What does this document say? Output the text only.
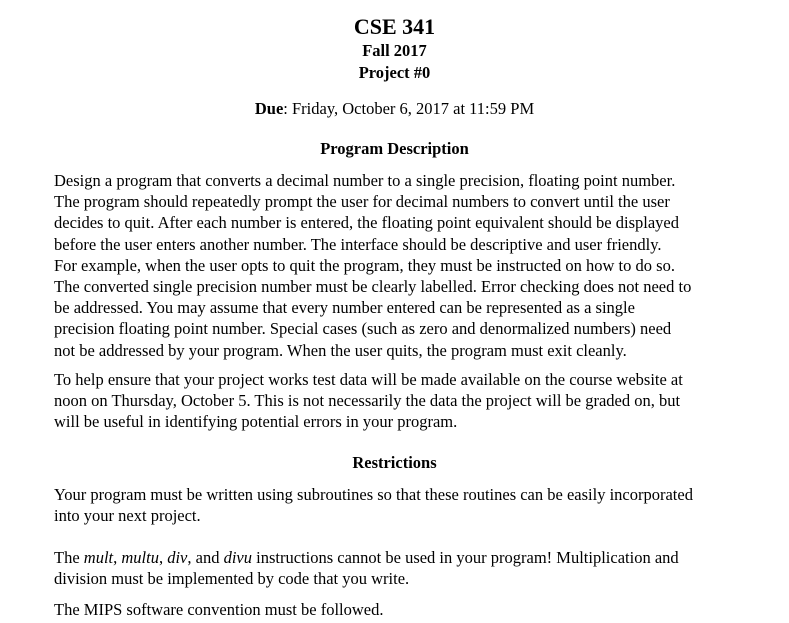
CSE 341
Fall 2017
Project #0
Due: Friday, October 6, 2017 at 11:59 PM
Program Description
Design a program that converts a decimal number to a single precision, floating point number.
The program should repeatedly prompt the user for decimal numbers to convert until the user
decides to quit. After each number is entered, the floating point equivalent should be displayed
before the user enters another number. The interface should be descriptive and user friendly.
For example, when the user opts to quit the program, they must be instructed on how to do so.
The converted single precision number must be clearly labelled. Error checking does not need to
be addressed. You may assume that every number entered can be represented as a single
precision floating point number. Special cases (such as zero and denormalized numbers) need
not be addressed by your program. When the user quits, the program must exit cleanly.
To help ensure that your project works test data will be made available on the course website at
noon on Thursday, October 5. This is not necessarily the data the project will be graded on, but
will be useful in identifying potential errors in your program.
Restrictions
Your program must be written using subroutines so that these routines can be easily incorporated
into your next project.
The mult, multu, div, and divu instructions cannot be used in your program! Multiplication and
division must be implemented by code that you write.
The MIPS software convention must be followed.
